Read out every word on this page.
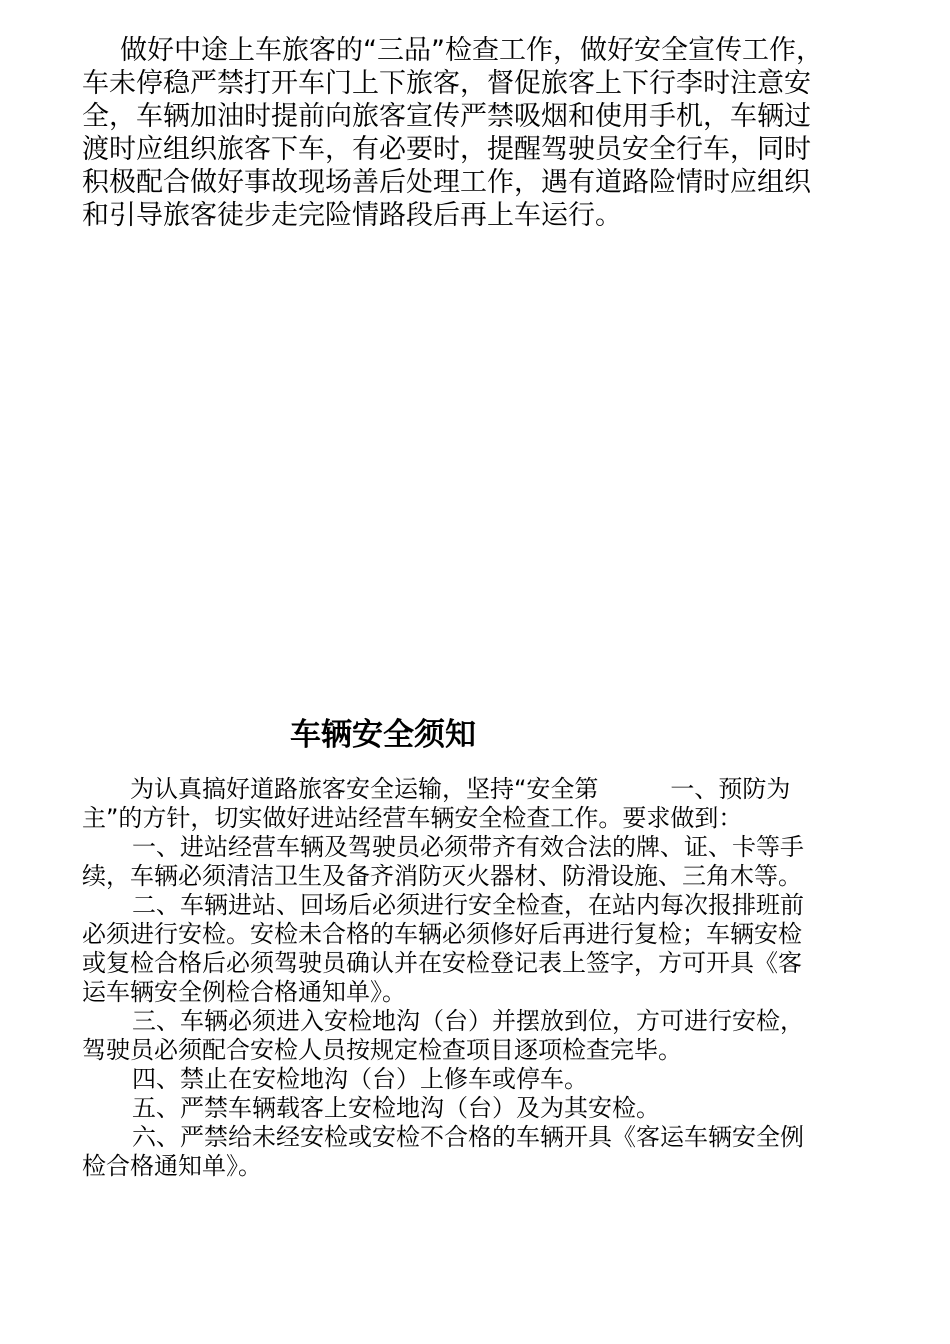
做好中途上车旅客的“三品”检查工作，做好安全宣传工作，
车未停稳严禁打开车门上下旅客，督促旅客上下行李时注意安
全，车辆加油时提前向旅客宣传严禁吸烟和使用手机，车辆过
渡时应组织旅客下车，有必要时，提醒驾驶员安全行车，同时
积极配合做好事故现场善后处理工作，遇有道路险情时应组织
和引导旅客徒步走完险情路段后再上车运行。
车辆安全须知
为认真搞好道路旅客安全运输，坚持“安全第　　　一、预防为
主”的方针，切实做好进站经营车辆安全检查工作。要求做到：
一、进站经营车辆及驾驶员必须带齐有效合法的牌、证、卡等手
续，车辆必须清洁卫生及备齐消防灭火器材、防滑设施、三角木等。
二、车辆进站、回场后必须进行安全检查，在站内每次报排班前
必须进行安检。安检未合格的车辆必须修好后再进行复检；车辆安检
或复检合格后必须驾驶员确认并在安检登记表上签字，方可开具《客
运车辆安全例检合格通知单》。
三、车辆必须进入安检地沟（台）并摆放到位，方可进行安检，
驾驶员必须配合安检人员按规定检查项目逐项检查完毕。
四、禁止在安检地沟（台）上修车或停车。
五、严禁车辆载客上安检地沟（台）及为其安检。
六、严禁给未经安检或安检不合格的车辆开具《客运车辆安全例
检合格通知单》。
